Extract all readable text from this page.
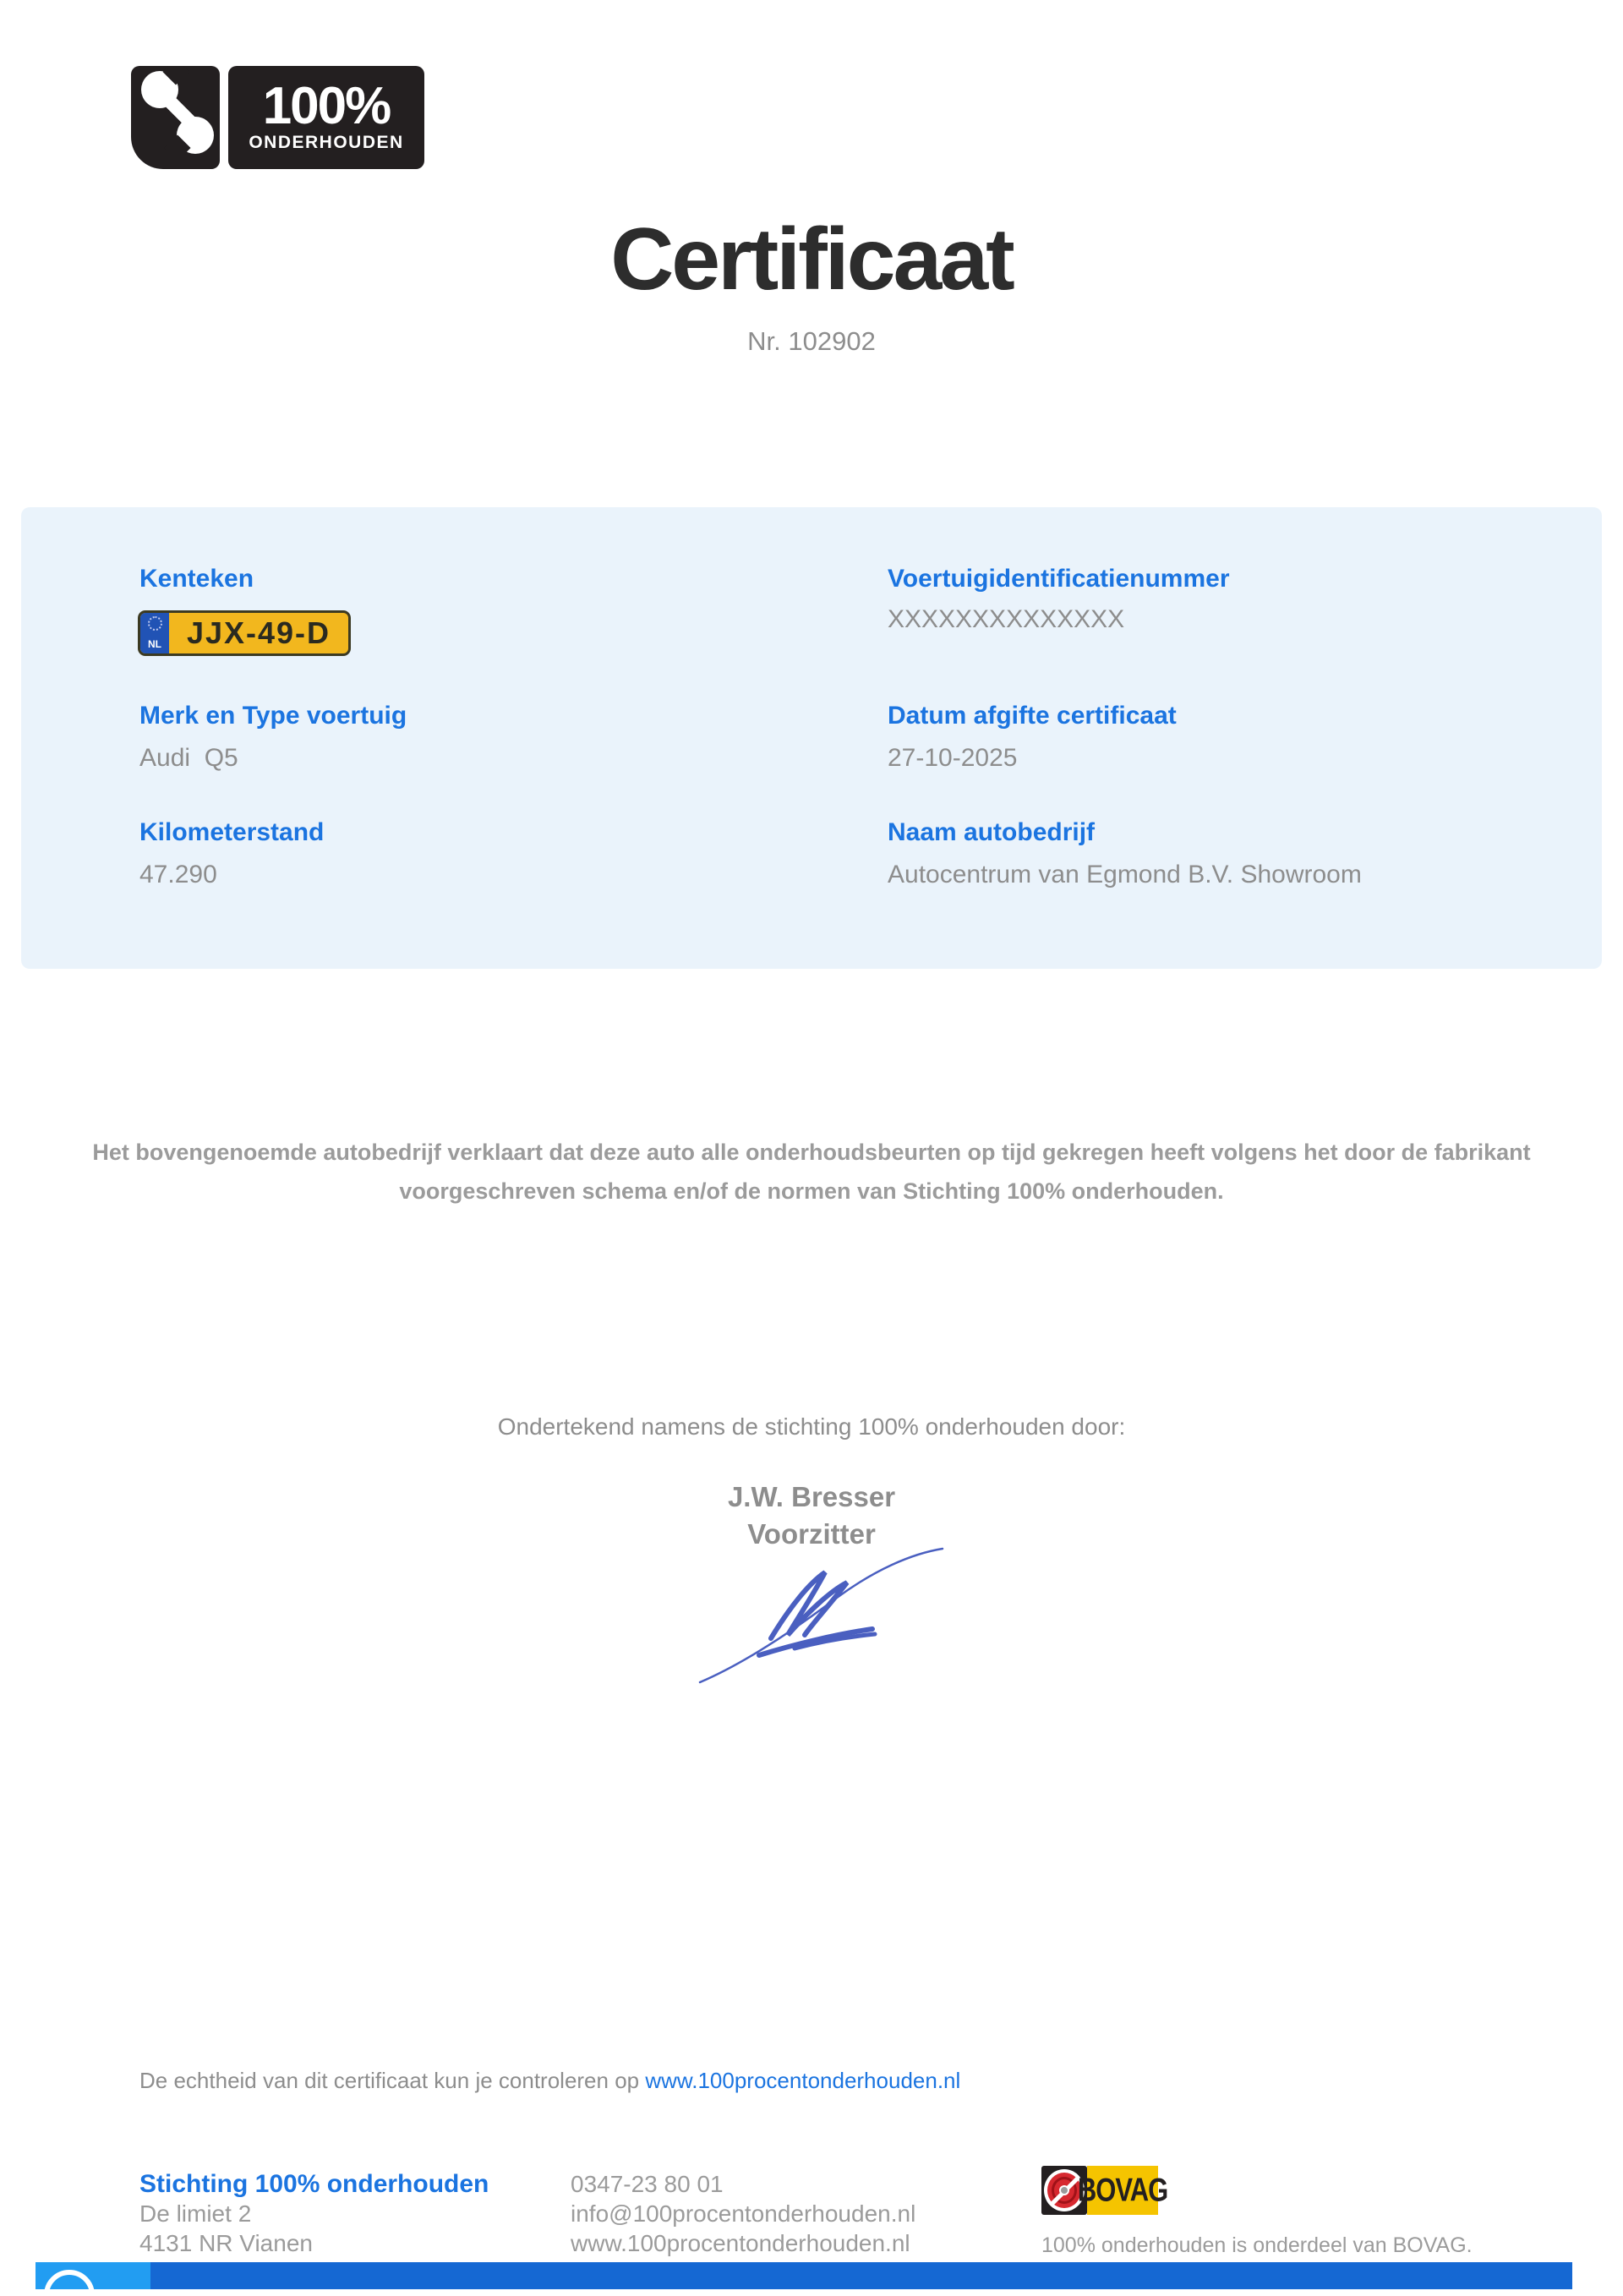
100%
ONDERHOUDEN
Certificaat
Nr. 102902
Kenteken
NL JJX-49-D
Voertuigidentificatienummer
XXXXXXXXXXXXXX
Merk en Type voertuig
Audi  Q5
Datum afgifte certificaat
27-10-2025
Kilometerstand
47.290
Naam autobedrijf
Autocentrum van Egmond B.V. Showroom
Het bovengenoemde autobedrijf verklaart dat deze auto alle onderhoudsbeurten op tijd gekregen heeft volgens het door de fabrikant
voorgeschreven schema en/of de normen van Stichting 100% onderhouden.
Ondertekend namens de stichting 100% onderhouden door:
J.W. Bresser
Voorzitter
De echtheid van dit certificaat kun je controleren op www.100procentonderhouden.nl
Stichting 100% onderhouden
De limiet 2
4131 NR Vianen
0347-23 80 01
info@100procentonderhouden.nl
www.100procentonderhouden.nl
BOVAG
100% onderhouden is onderdeel van BOVAG.
